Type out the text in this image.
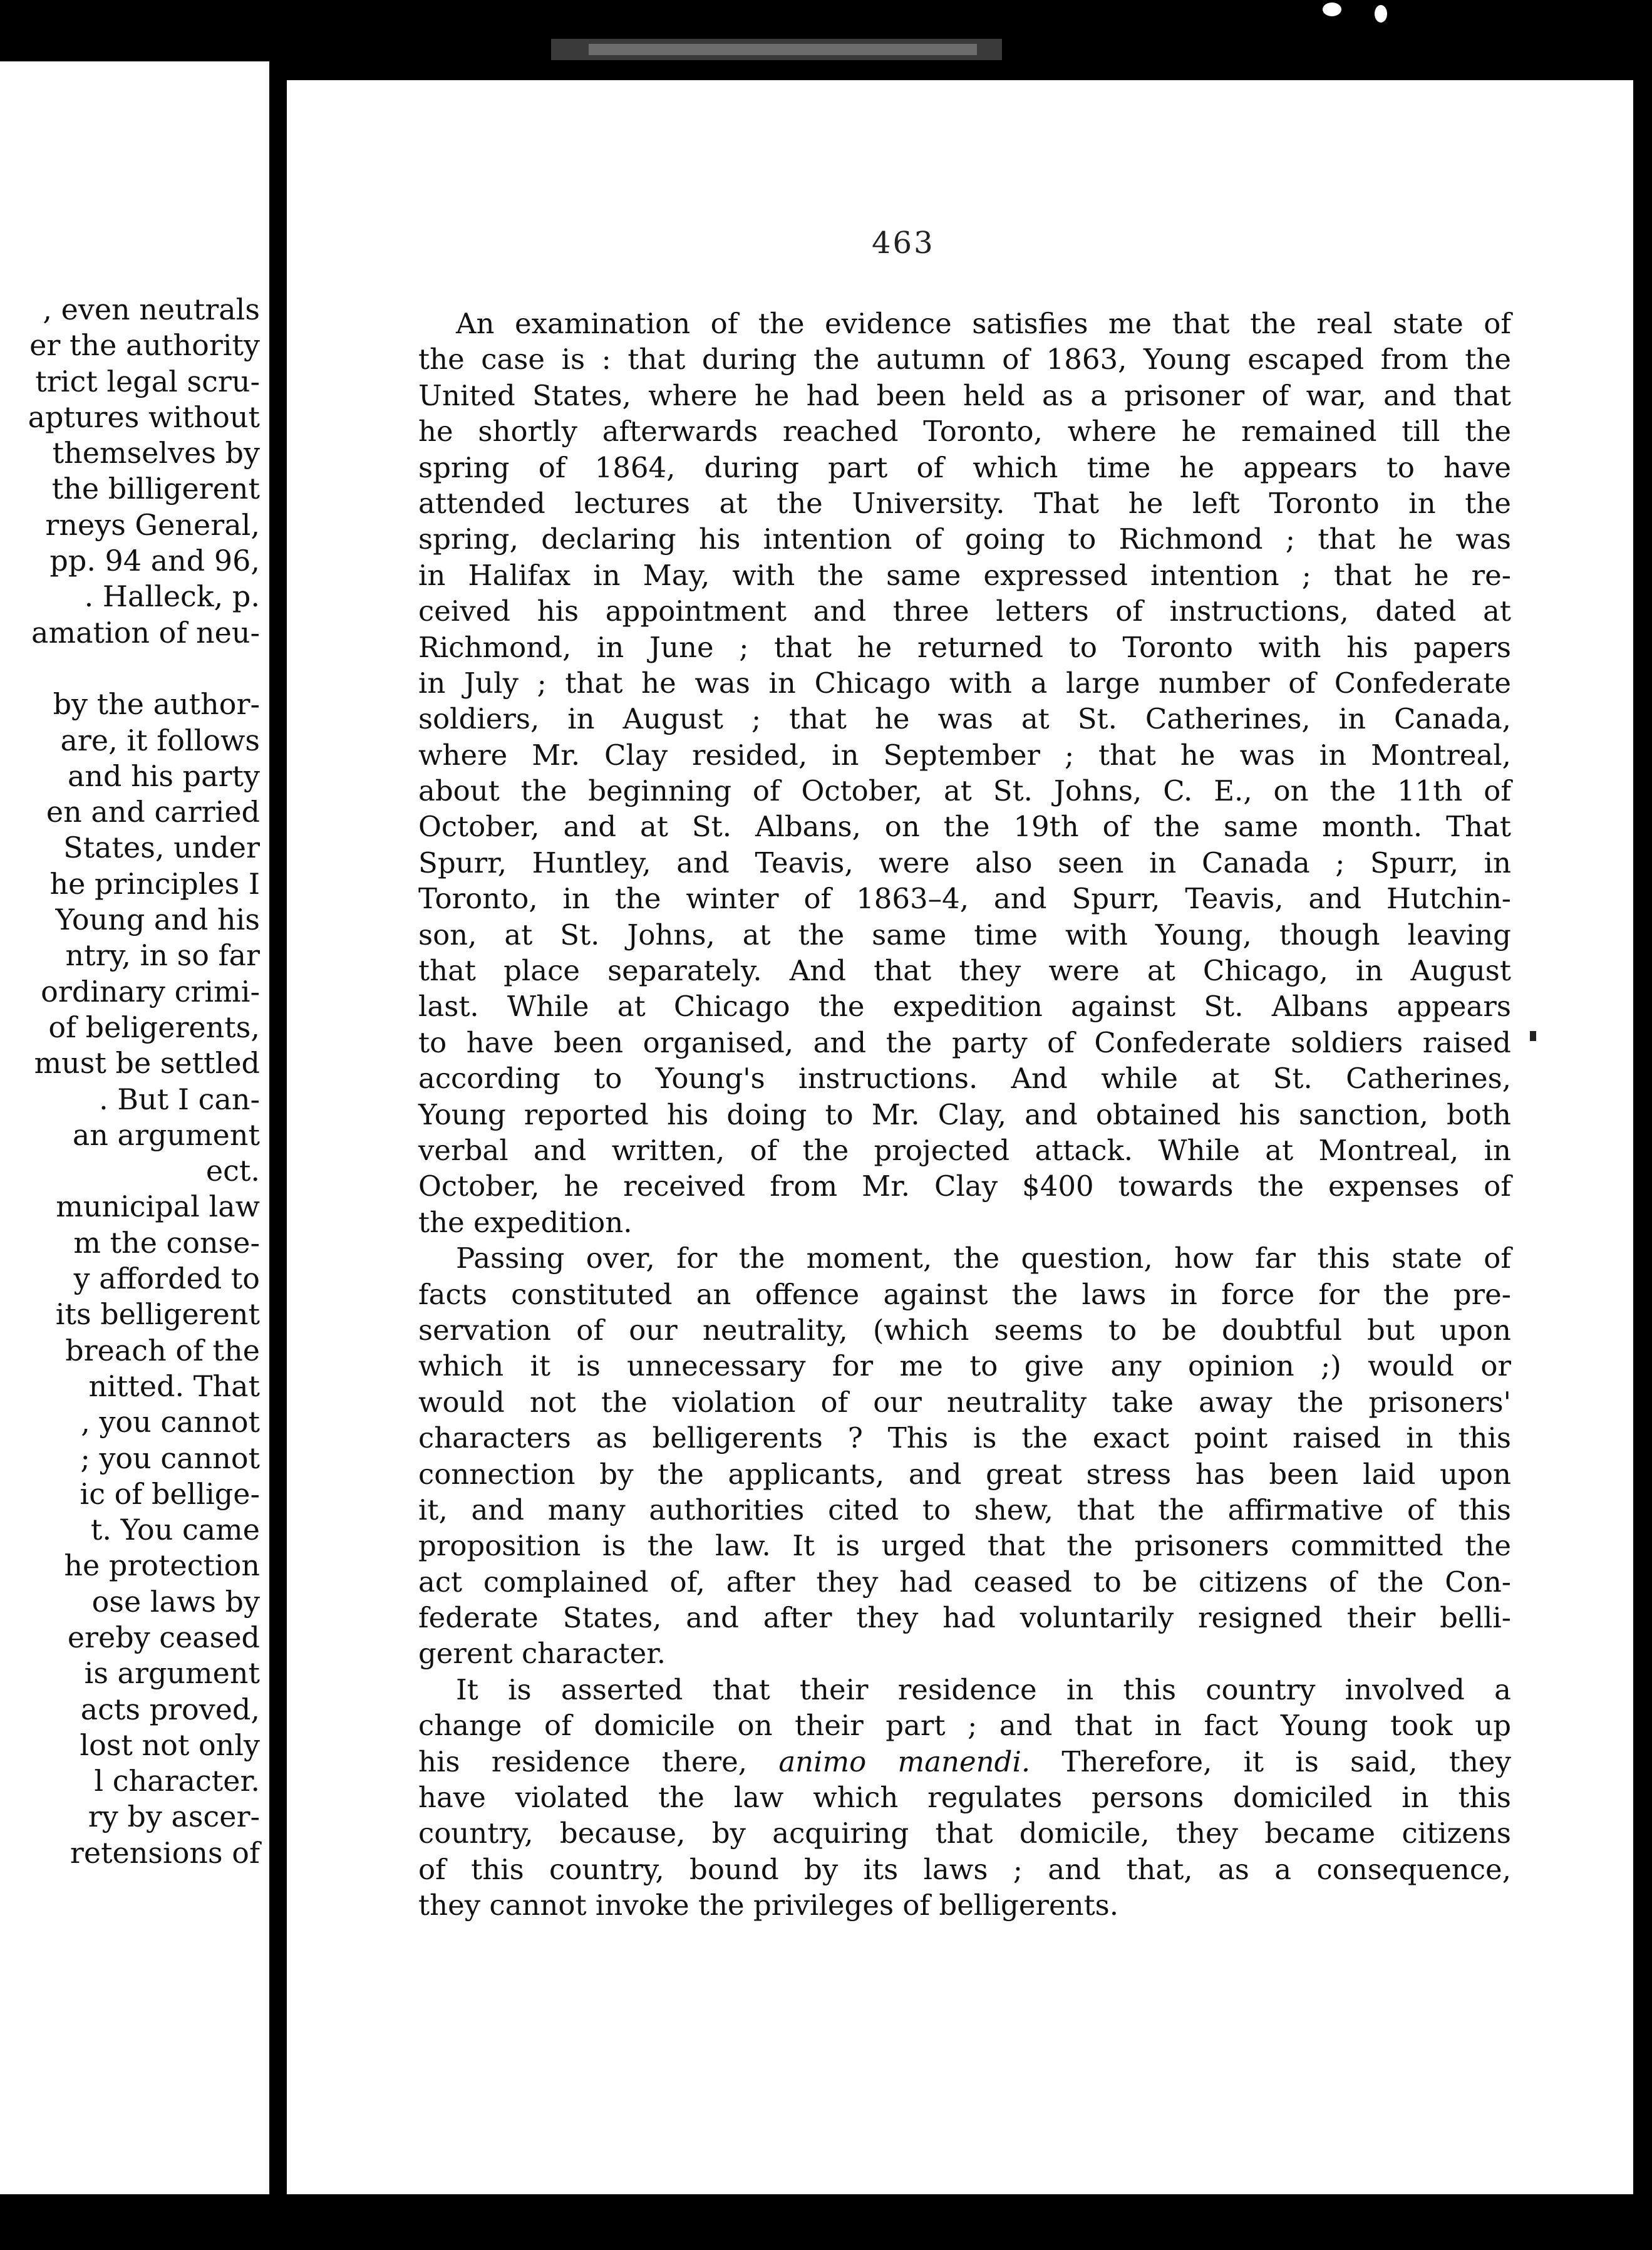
, even neutrals
er the authority
trict legal scru-
aptures without
themselves by
the billigerent
rneys General,
pp. 94 and 96,
. Halleck, p.
amation of neu-
by the author-
are, it follows
and his party
en and carried
States, under
he principles I
Young and his
ntry, in so far
ordinary crimi-
of beligerents,
must be settled
. But I can-
an argument
ect.
municipal law
m the conse-
y afforded to
its belligerent
breach of the
nitted. That
, you cannot
; you cannot
ic of bellige-
t. You came
he protection
ose laws by
ereby ceased
is argument
acts proved,
lost not only
l character.
ry by ascer-
retensions of
463
An examination of the evidence satisfies me that the real state of
the case is : that during the autumn of 1863, Young escaped from the
United States, where he had been held as a prisoner of war, and that
he shortly afterwards reached Toronto, where he remained till the
spring of 1864, during part of which time he appears to have
attended lectures at the University. That he left Toronto in the
spring, declaring his intention of going to Richmond ; that he was
in Halifax in May, with the same expressed intention ; that he re-
ceived his appointment and three letters of instructions, dated at
Richmond, in June ; that he returned to Toronto with his papers
in July ; that he was in Chicago with a large number of Confederate
soldiers, in August ; that he was at St. Catherines, in Canada,
where Mr. Clay resided, in September ; that he was in Montreal,
about the beginning of October, at St. Johns, C. E., on the 11th of
October, and at St. Albans, on the 19th of the same month. That
Spurr, Huntley, and Teavis, were also seen in Canada ; Spurr, in
Toronto, in the winter of 1863–4, and Spurr, Teavis, and Hutchin-
son, at St. Johns, at the same time with Young, though leaving
that place separately. And that they were at Chicago, in August
last. While at Chicago the expedition against St. Albans appears
to have been organised, and the party of Confederate soldiers raised
according to Young's instructions. And while at St. Catherines,
Young reported his doing to Mr. Clay, and obtained his sanction, both
verbal and written, of the projected attack. While at Montreal, in
October, he received from Mr. Clay $400 towards the expenses of
the expedition.
Passing over, for the moment, the question, how far this state of
facts constituted an offence against the laws in force for the pre-
servation of our neutrality, (which seems to be doubtful but upon
which it is unnecessary for me to give any opinion ;) would or
would not the violation of our neutrality take away the prisoners'
characters as belligerents ? This is the exact point raised in this
connection by the applicants, and great stress has been laid upon
it, and many authorities cited to shew, that the affirmative of this
proposition is the law. It is urged that the prisoners committed the
act complained of, after they had ceased to be citizens of the Con-
federate States, and after they had voluntarily resigned their belli-
gerent character.
It is asserted that their residence in this country involved a
change of domicile on their part ; and that in fact Young took up
his residence there, animo manendi. Therefore, it is said, they
have violated the law which regulates persons domiciled in this
country, because, by acquiring that domicile, they became citizens
of this country, bound by its laws ; and that, as a consequence,
they cannot invoke the privileges of belligerents.
